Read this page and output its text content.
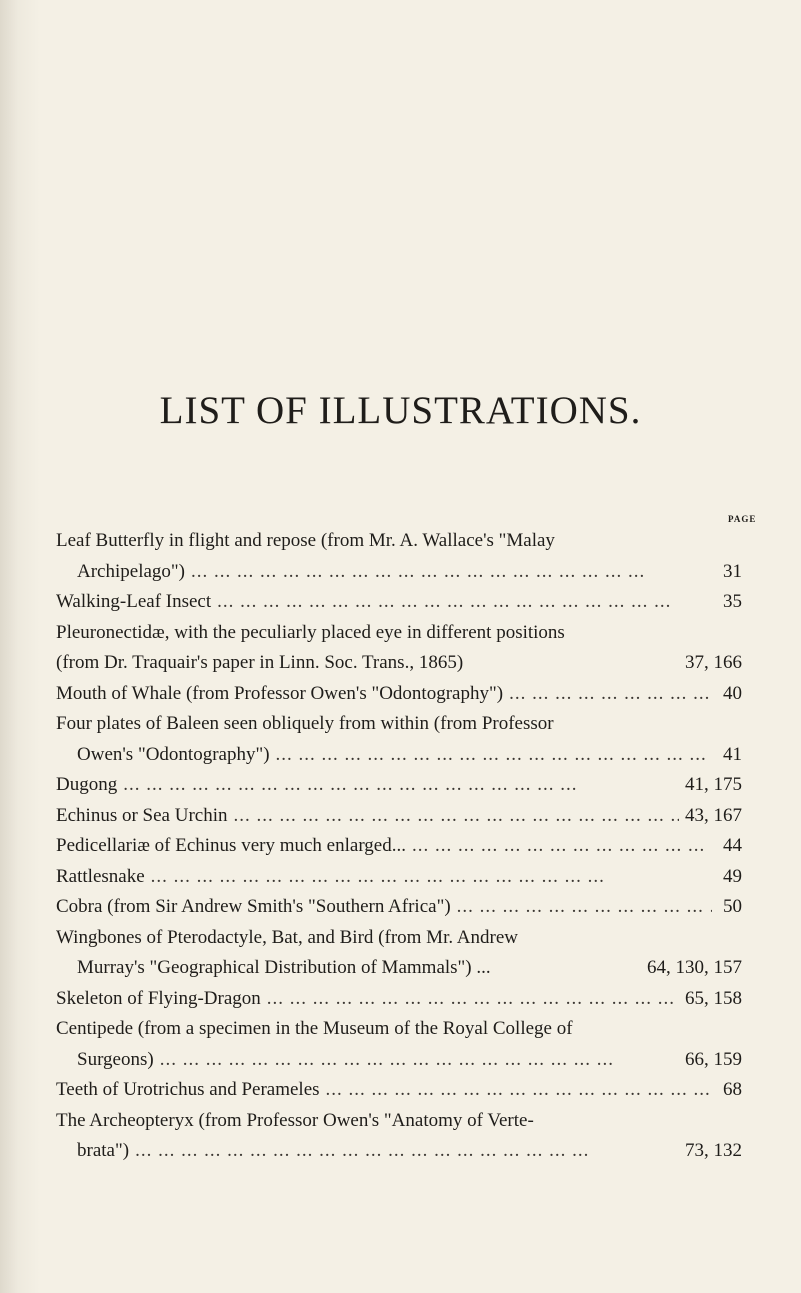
LIST OF ILLUSTRATIONS.
PAGE
Leaf Butterfly in flight and repose (from Mr. A. Wallace's "Malay
Archipelago") ... .	31
Walking-Leaf Insect ... .	35
Pleuronectidæ, with the peculiarly placed eye in different positions
(from Dr. Traquair's paper in Linn. Soc. Trans., 1865)	37, 166
Mouth of Whale (from Professor Owen's "Odontography") ... .	40
Four plates of Baleen seen obliquely from within (from Professor
Owen's "Odontography") ... .	41
Dugong ... .	41, 175
Echinus or Sea Urchin ... .	43, 167
Pedicellariæ of Echinus very much enlarged... ... .	44
Rattlesnake ... .	49
Cobra (from Sir Andrew Smith's "Southern Africa") ... .	50
Wingbones of Pterodactyle, Bat, and Bird (from Mr. Andrew
Murray's "Geographical Distribution of Mammals") ...	64, 130, 157
Skeleton of Flying-Dragon ... .	65, 158
Centipede (from a specimen in the Museum of the Royal College of
Surgeons) ... .	66, 159
Teeth of Urotrichus and Perameles ... .	68
The Archeopteryx (from Professor Owen's "Anatomy of Verte-
brata") ... .	73, 132
